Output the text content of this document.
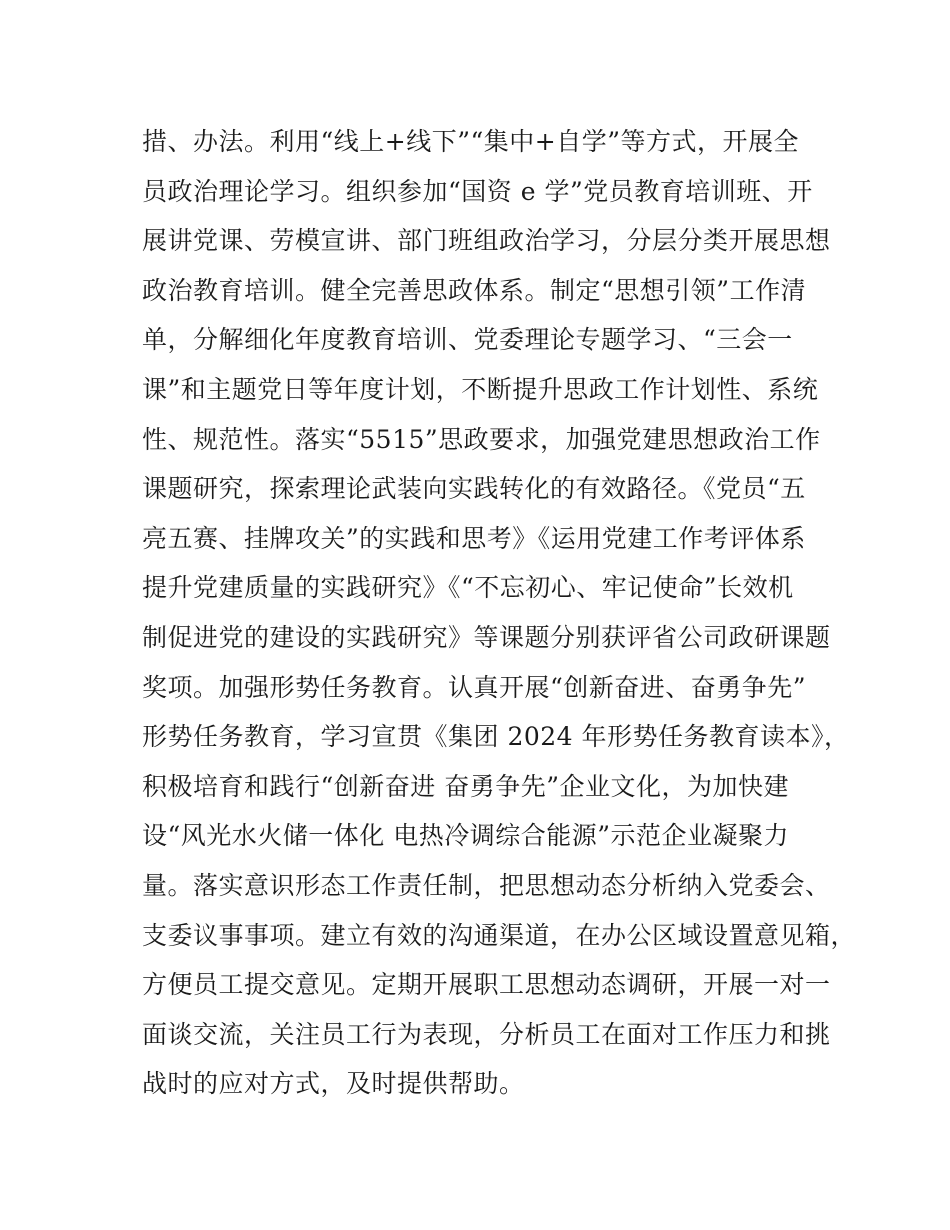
措、办法。利用“线上+线下”“集中+自学”等方式，开展全
员政治理论学习。组织参加“国资 e 学”党员教育培训班、开
展讲党课、劳模宣讲、部门班组政治学习，分层分类开展思想
政治教育培训。健全完善思政体系。制定“思想引领”工作清
单，分解细化年度教育培训、党委理论专题学习、“三会一
课”和主题党日等年度计划，不断提升思政工作计划性、系统
性、规范性。落实“5515”思政要求，加强党建思想政治工作
课题研究，探索理论武装向实践转化的有效路径。《党员“五
亮五赛、挂牌攻关”的实践和思考》《运用党建工作考评体系
提升党建质量的实践研究》《“不忘初心、牢记使命”长效机
制促进党的建设的实践研究》等课题分别获评省公司政研课题
奖项。加强形势任务教育。认真开展“创新奋进、奋勇争先”
形势任务教育，学习宣贯《集团 2024 年形势任务教育读本》，
积极培育和践行“创新奋进 奋勇争先”企业文化，为加快建
设“风光水火储一体化 电热冷调综合能源”示范企业凝聚力
量。落实意识形态工作责任制，把思想动态分析纳入党委会、
支委议事事项。建立有效的沟通渠道，在办公区域设置意见箱，
方便员工提交意见。定期开展职工思想动态调研，开展一对一
面谈交流，关注员工行为表现，分析员工在面对工作压力和挑
战时的应对方式，及时提供帮助。
